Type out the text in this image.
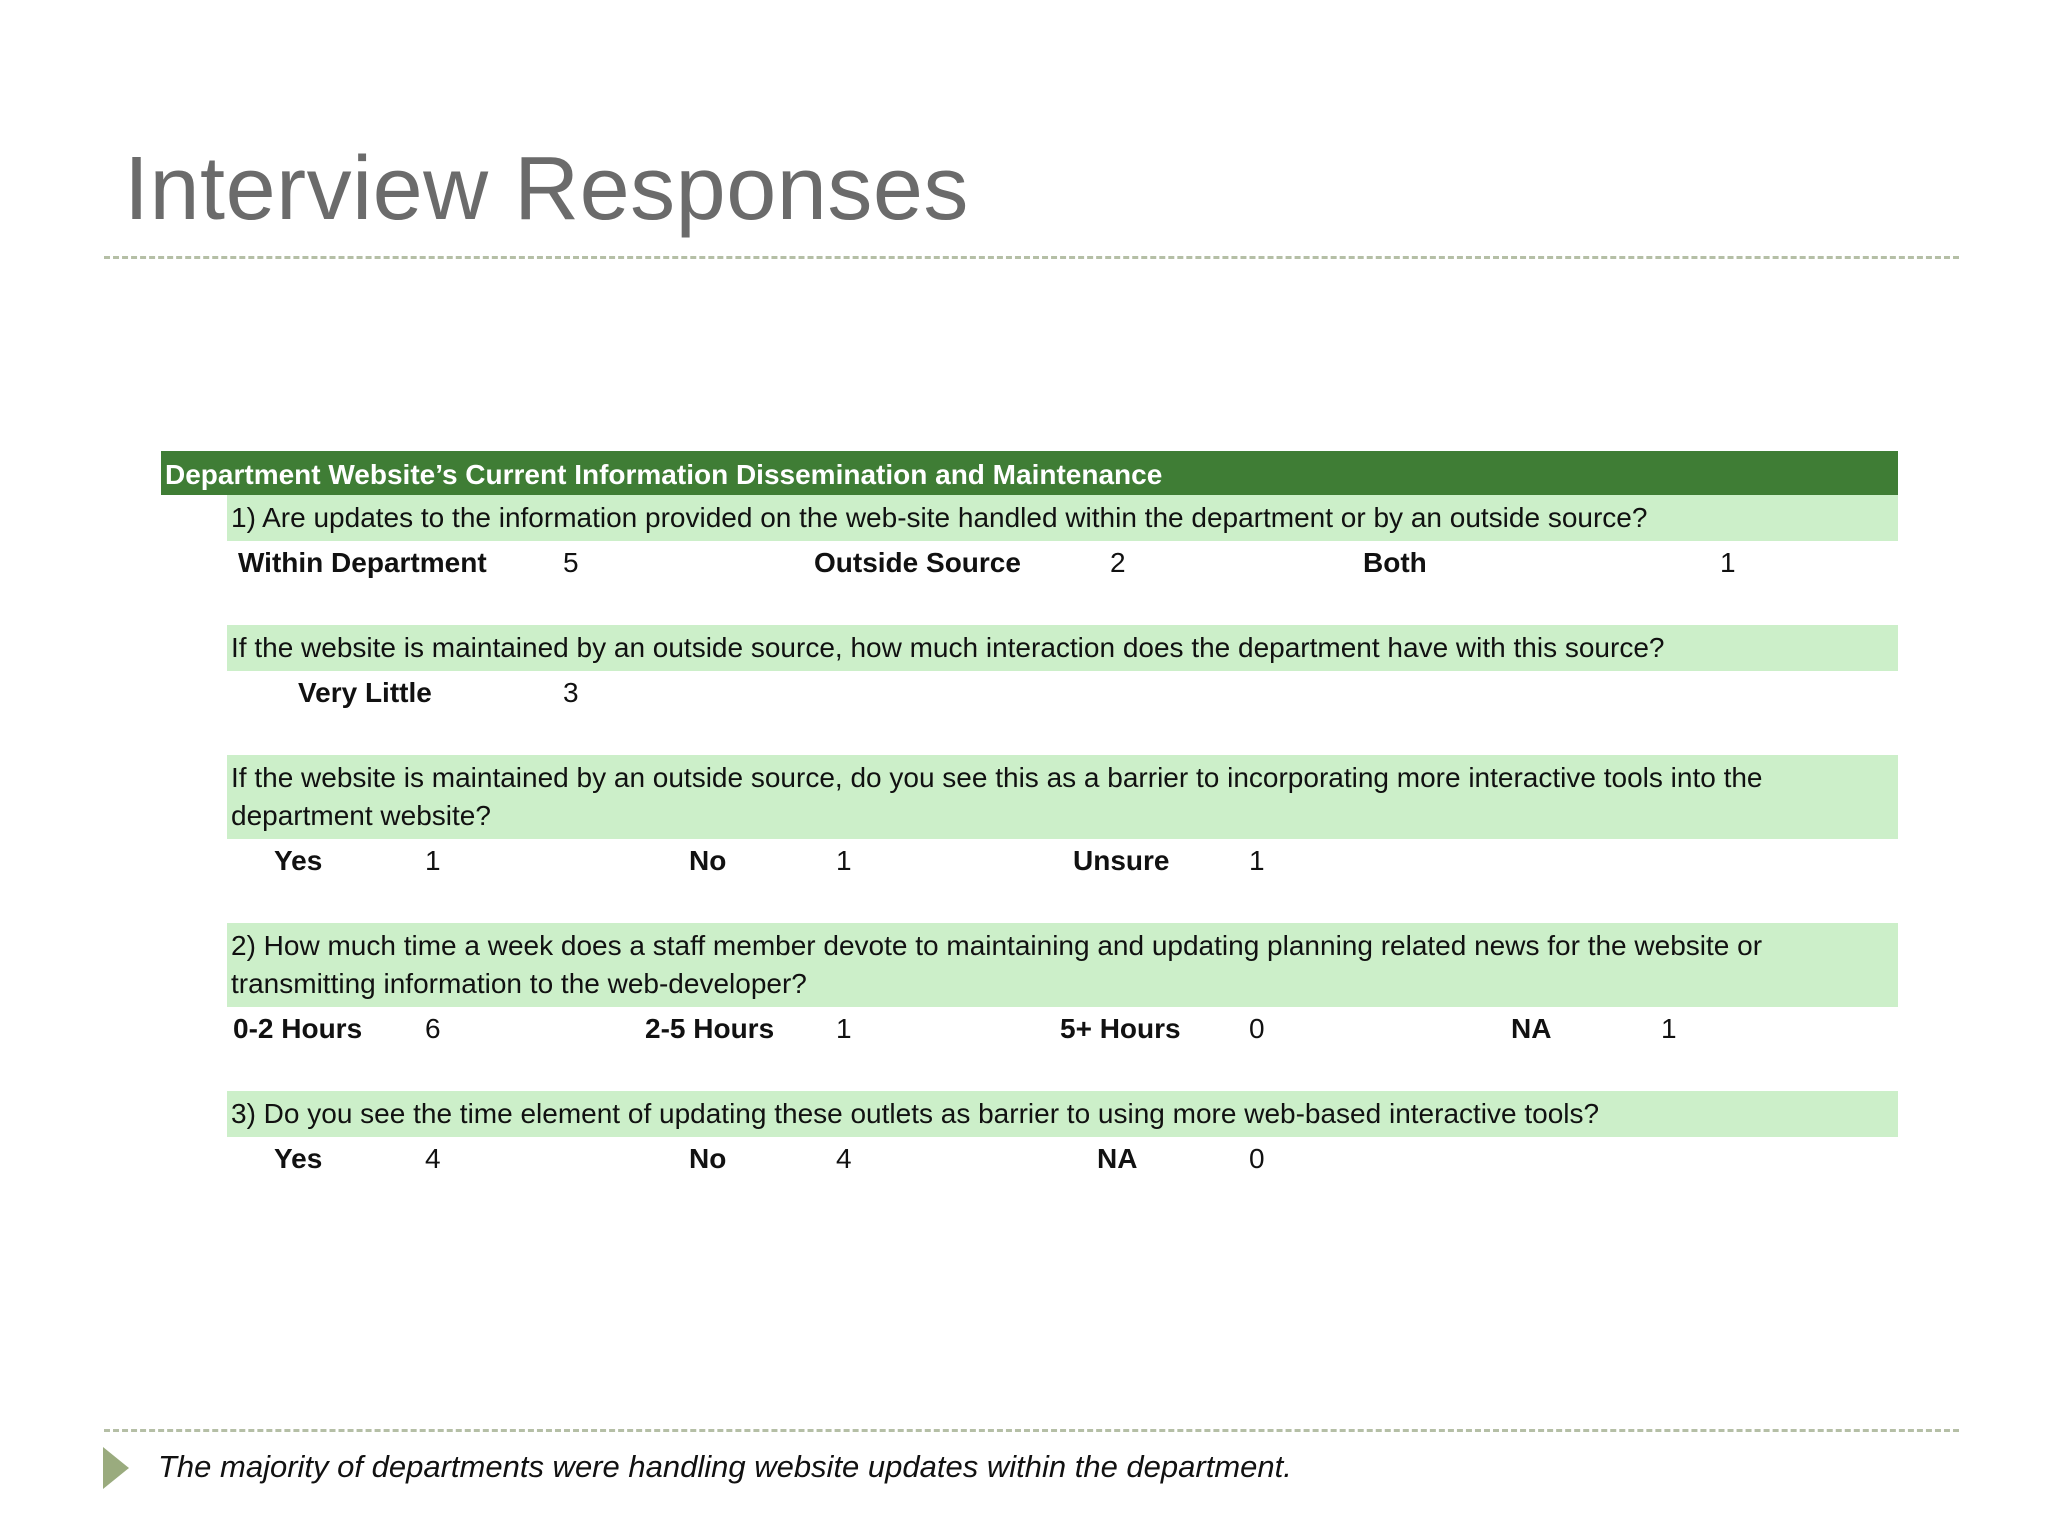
Interview Responses
Department Website’s Current Information Dissemination and Maintenance
1) Are updates to the information provided on the web-site handled within the department or by an outside source?
Within Department	5	Outside Source	2	Both	1
If the website is maintained by an outside source, how much interaction does the department have with this source?
Very Little	3
If the website is maintained by an outside source, do you see this as a barrier to incorporating more interactive tools into the department website?
Yes	1	No	1	Unsure	1
2) How much time a week does a staff member devote to maintaining and updating planning related news for the website or transmitting information to the web-developer?
0-2 Hours 6	2-5 Hours 1	5+ Hours 0	NA	1
3) Do you see the time element of updating these outlets as barrier to using more web-based interactive tools?
Yes	4	No	4	NA	0
The majority of departments were handling website updates within the department.
